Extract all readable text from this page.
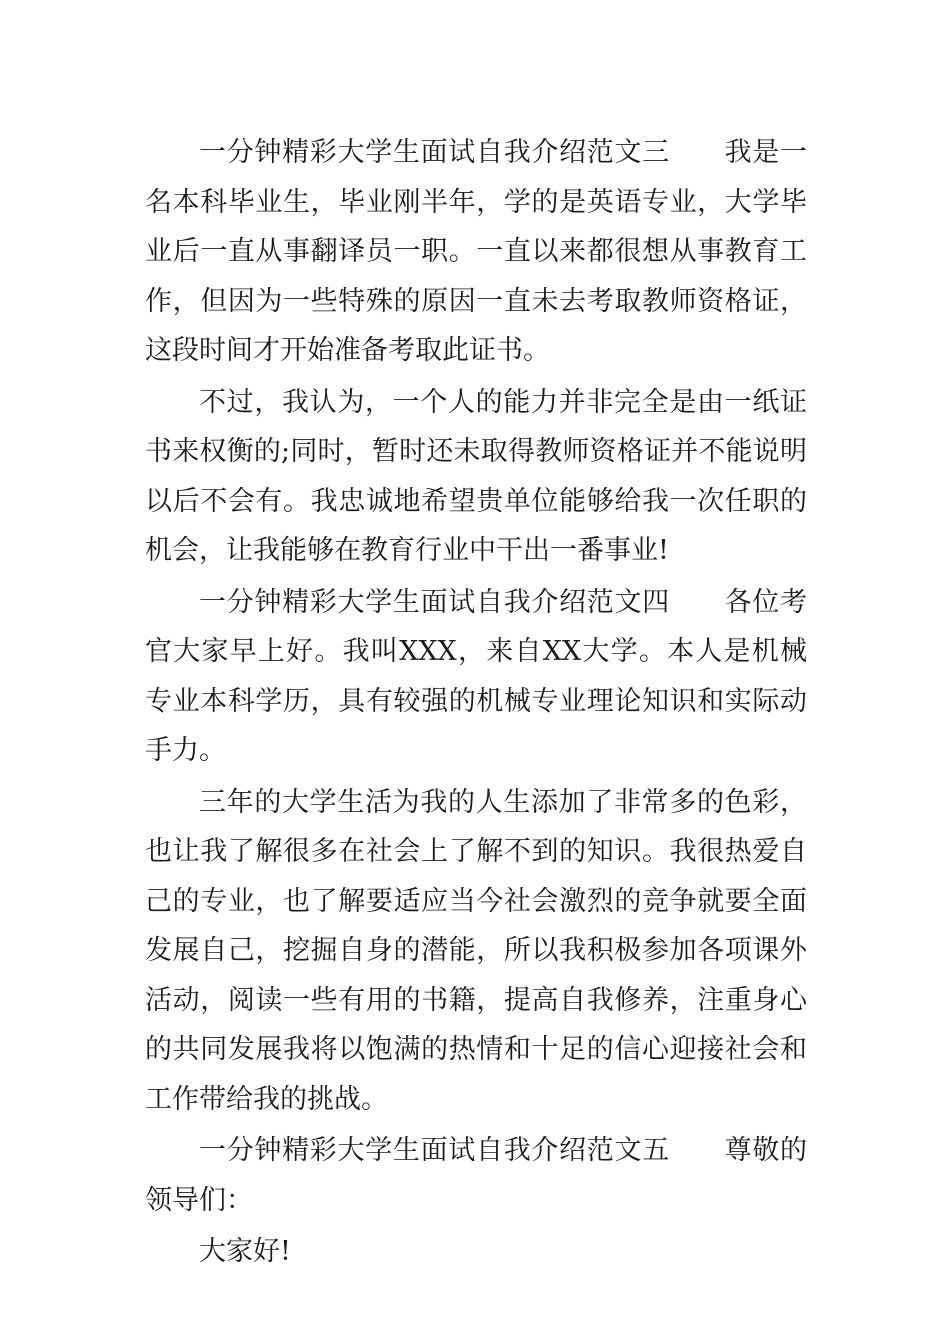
一分钟精彩大学生面试自我介绍范文三 我是一名本科毕业生，毕业刚半年，学的是英语专业，大学毕业后一直从事翻译员一职。一直以来都很想从事教育工作，但因为一些特殊的原因一直未去考取教师资格证，这段时间才开始准备考取此证书。

不过，我认为，一个人的能力并非完全是由一纸证书来权衡的;同时，暂时还未取得教师资格证并不能说明以后不会有。我忠诚地希望贵单位能够给我一次任职的机会，让我能够在教育行业中干出一番事业!

一分钟精彩大学生面试自我介绍范文四 各位考官大家早上好。我叫XXX，来自XX大学。本人是机械专业本科学历，具有较强的机械专业理论知识和实际动手力。

三年的大学生活为我的人生添加了非常多的色彩，也让我了解很多在社会上了解不到的知识。我很热爱自己的专业，也了解要适应当今社会激烈的竞争就要全面发展自己，挖掘自身的潜能，所以我积极参加各项课外活动，阅读一些有用的书籍，提高自我修养，注重身心的共同发展我将以饱满的热情和十足的信心迎接社会和工作带给我的挑战。

一分钟精彩大学生面试自我介绍范文五 尊敬的领导们：

大家好!
